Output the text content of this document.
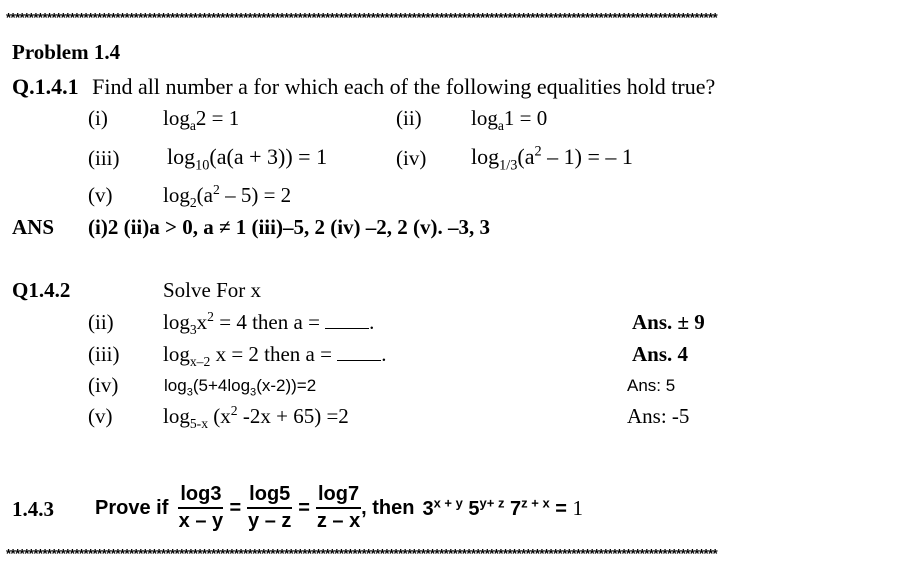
************************************************************************************************************************************************************
Problem 1.4
Q.1.4.1 Find all number a for which each of the following equalities hold true?
(i)	$\log_a2 = 1$	(ii) $\log_a1 = 0$
(iii) $\log_{10}(a(a + 3)) = 1$	(iv) $\log_{1/3}(a^2 - 1)$ = – 1
(v) $\log_2(a^2 - 5) = 2$
ANS (i)2 (ii)a > 0, a ≠ 1 (iii)–5, 2 (iv) –2, 2 (v). –3, 3
Q1.4.2	Solve For x
(ii) $\log_3x^2 = 4$ then a = .	Ans. ± 9
(iii) $\log_{x-2} x = 2$ then a = .	Ans. 4
(iv)	$\log_3(5+4\log_3(x-2))=2$	Ans: 5
(v) $\log_{5-x} (x^2$ -2x + 65) =2	Ans: -5
1.4.3 Prove if $\frac{\log 3}{x - y} = \frac{\log 5}{y - z} = \frac{\log 7}{z - x}$ , then $3^{x + y}$ $5^{y+ z}$ $7^{z + x} = 1$
************************************************************************************************************************************************************
